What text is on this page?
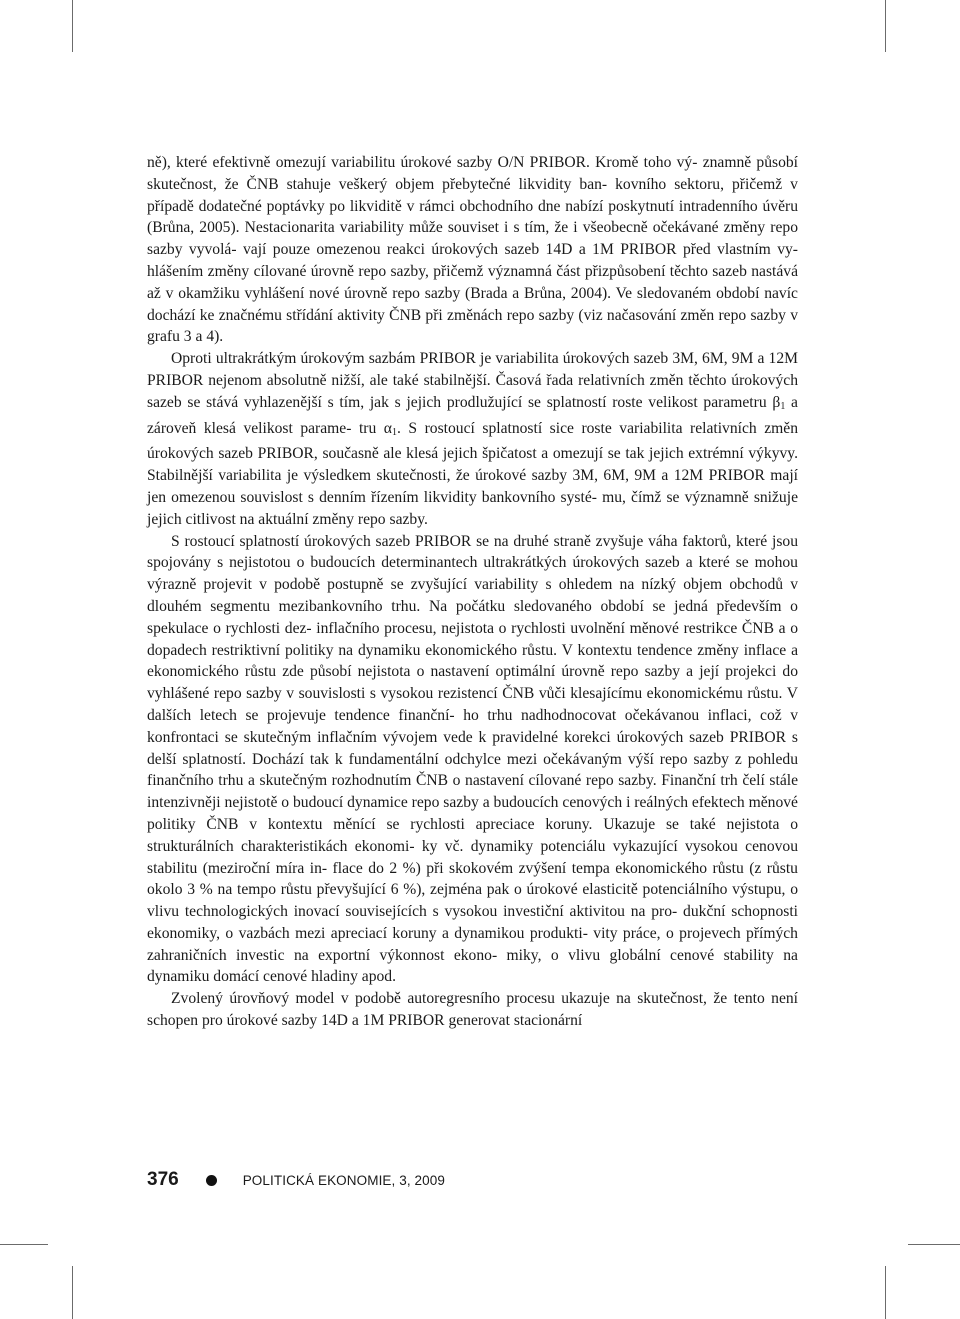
ně), které efektivně omezují variabilitu úrokové sazby O/N PRIBOR. Kromě toho vý- znamně působí skutečnost, že ČNB stahuje veškerý objem přebytečné likvidity ban- kovního sektoru, přičemž v případě dodatečné poptávky po likviditě v rámci obchodního dne nabízí poskytnutí intradenního úvěru (Brůna, 2005). Nestacionarita variability může souviset i s tím, že i všeobecně očekávané změny repo sazby vyvolá- vají pouze omezenou reakci úrokových sazeb 14D a 1M PRIBOR před vlastním vy- hlášením změny cílované úrovně repo sazby, přičemž významná část přizpůsobení těchto sazeb nastává až v okamžiku vyhlášení nové úrovně repo sazby (Brada a Brůna, 2004). Ve sledovaném období navíc dochází ke značnému střídání aktivity ČNB při změnách repo sazby (viz načasování změn repo sazby v grafu 3 a 4).

Oproti ultrakrátkým úrokovým sazbám PRIBOR je variabilita úrokových sazeb 3M, 6M, 9M a 12M PRIBOR nejenom absolutně nižší, ale také stabilnější. Časová řada relativních změn těchto úrokových sazeb se stává vyhlazenější s tím, jak s jejich prodlužující se splatností roste velikost parametru $\beta_1$ a zároveň klesá velikost parame- tru $\alpha_1$. S rostoucí splatností sice roste variabilita relativních změn úrokových sazeb PRIBOR, současně ale klesá jejich špičatost a omezují se tak jejich extrémní výkyvy. Stabilnější variabilita je výsledkem skutečnosti, že úrokové sazby 3M, 6M, 9M a 12M PRIBOR mají jen omezenou souvislost s denním řízením likvidity bankovního systé- mu, čímž se významně snižuje jejich citlivost na aktuální změny repo sazby.

S rostoucí splatností úrokových sazeb PRIBOR se na druhé straně zvyšuje váha faktorů, které jsou spojovány s nejistotou o budoucích determinantech ultrakrátkých úrokových sazeb a které se mohou výrazně projevit v podobě postupně se zvyšující variability s ohledem na nízký objem obchodů v dlouhém segmentu mezibankovního trhu. Na počátku sledovaného období se jedná především o spekulace o rychlosti dez- inflačního procesu, nejistota o rychlosti uvolnění měnové restrikce ČNB a o dopadech restriktivní politiky na dynamiku ekonomického růstu. V kontextu tendence změny inflace a ekonomického růstu zde působí nejistota o nastavení optimální úrovně repo sazby a její projekci do vyhlášené repo sazby v souvislosti s vysokou rezistencí ČNB vůči klesajícímu ekonomickému růstu. V dalších letech se projevuje tendence finanční- ho trhu nadhodnocovat očekávanou inflaci, což v konfrontaci se skutečným inflačním vývojem vede k pravidelné korekci úrokových sazeb PRIBOR s delší splatností. Dochází tak k fundamentální odchylce mezi očekávaným výší repo sazby z pohledu finančního trhu a skutečným rozhodnutím ČNB o nastavení cílované repo sazby. Finanční trh čelí stále intenzivněji nejistotě o budoucí dynamice repo sazby a budoucích cenových i reálných efektech měnové politiky ČNB v kontextu měnící se rychlosti apreciace koruny. Ukazuje se také nejistota o strukturálních charakteristikách ekonomi- ky vč. dynamiky potenciálu vykazující vysokou cenovou stabilitu (meziroční míra in- flace do 2 %) při skokovém zvýšení tempa ekonomického růstu (z růstu okolo 3 % na tempo růstu převyšující 6 %), zejména pak o úrokové elasticitě potenciálního výstupu, o vlivu technologických inovací souvisejících s vysokou investiční aktivitou na pro- dukční schopnosti ekonomiky, o vazbách mezi apreciací koruny a dynamikou produkti- vity práce, o projevech přímých zahraničních investic na exportní výkonnost ekono- miky, o vlivu globální cenové stability na dynamiku domácí cenové hladiny apod.

Zvolený úrovňový model v podobě autoregresního procesu ukazuje na skutečnost, že tento není schopen pro úrokové sazby 14D a 1M PRIBOR generovat stacionární

376	POLITICKÁ EKONOMIE, 3, 2009
